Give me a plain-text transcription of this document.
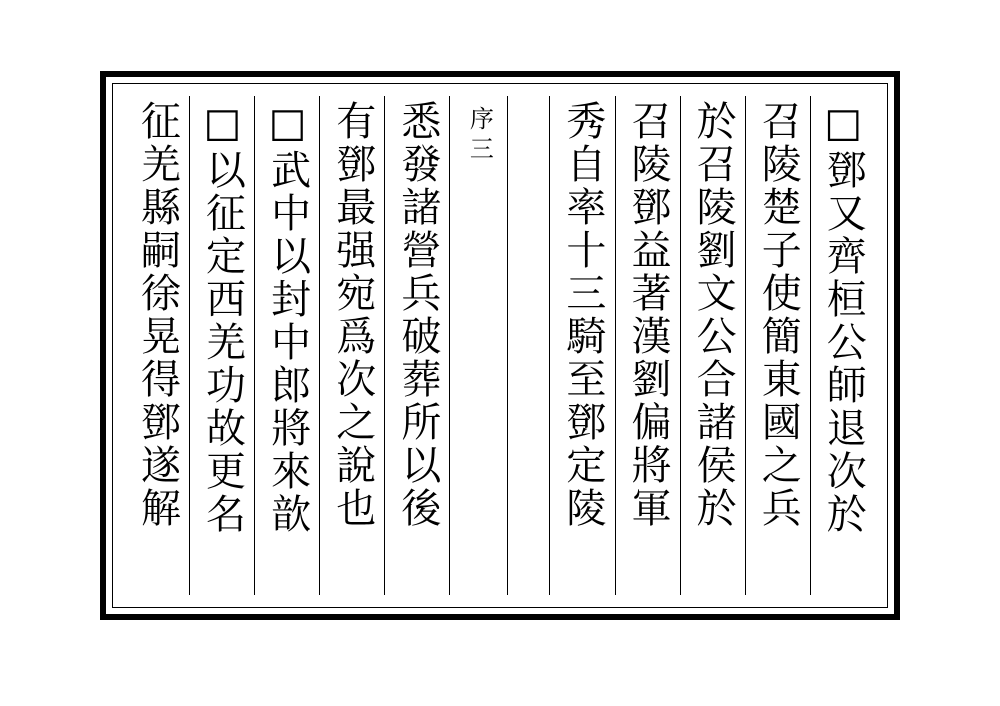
征羌縣嗣徐晃得鄧遂解 □以征定西羌功故更名 □武中以封中郎將來歆 有鄧最强宛爲次之說也 悉發諸營兵破葬所以後 序三 秀自率十三騎至鄧定陵 召陵鄧益著漢劉偏將軍 於召陵劉文公合諸侯於 召陵楚子使簡東國之兵 □鄧又齊桓公師退次於
